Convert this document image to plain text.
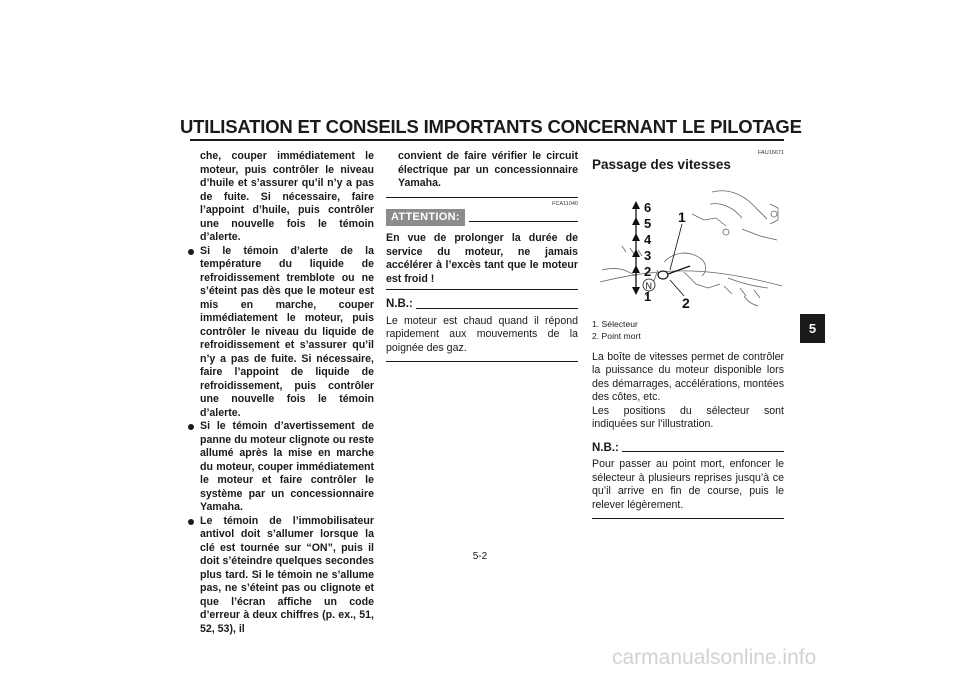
UTILISATION ET CONSEILS IMPORTANTS CONCERNANT LE PILOTAGE
che, couper immédiatement le moteur, puis contrôler le niveau d’huile et s’assurer qu’il n’y a pas de fuite. Si nécessaire, faire l’appoint d’huile, puis contrôler une nouvelle fois le témoin d’alerte.
Si le témoin d’alerte de la température du liquide de refroidissement tremblote ou ne s’éteint pas dès que le moteur est mis en marche, couper immédiatement le moteur, puis contrôler le niveau du liquide de refroidissement et s’assurer qu’il n’y a pas de fuite. Si nécessaire, faire l’appoint de liquide de refroidissement, puis contrôler une nouvelle fois le témoin d’alerte.
Si le témoin d’avertissement de panne du moteur clignote ou reste allumé après la mise en marche du moteur, couper immédiatement le moteur et faire contrôler le système par un concessionnaire Yamaha.
Le témoin de l’immobilisateur antivol doit s’allumer lorsque la clé est tournée sur “ON”, puis il doit s’éteindre quelques secondes plus tard. Si le témoin ne s’allume pas, ne s’éteint pas ou clignote et que l’écran affiche un code d’erreur à deux chiffres (p. ex., 51, 52, 53), il
convient de faire vérifier le circuit électrique par un concessionnaire Yamaha.
FCA11040
ATTENTION:
En vue de prolonger la durée de service du moteur, ne jamais accélérer à l’excès tant que le moteur est froid !
N.B.:
Le moteur est chaud quand il répond rapidement aux mouvements de la poignée des gaz.
FAU16671
Passage des vitesses
6
5
4
3
2
N
1
1
2
1. Sélecteur
2. Point mort
La boîte de vitesses permet de contrôler la puissance du moteur disponible lors des démarrages, accélérations, montées des côtes, etc.
Les positions du sélecteur sont indiquées sur l’illustration.
N.B.:
Pour passer au point mort, enfoncer le sélecteur à plusieurs reprises jusqu’à ce qu’il arrive en fin de course, puis le relever légèrement.
5
5-2
carmanualsonline.info
